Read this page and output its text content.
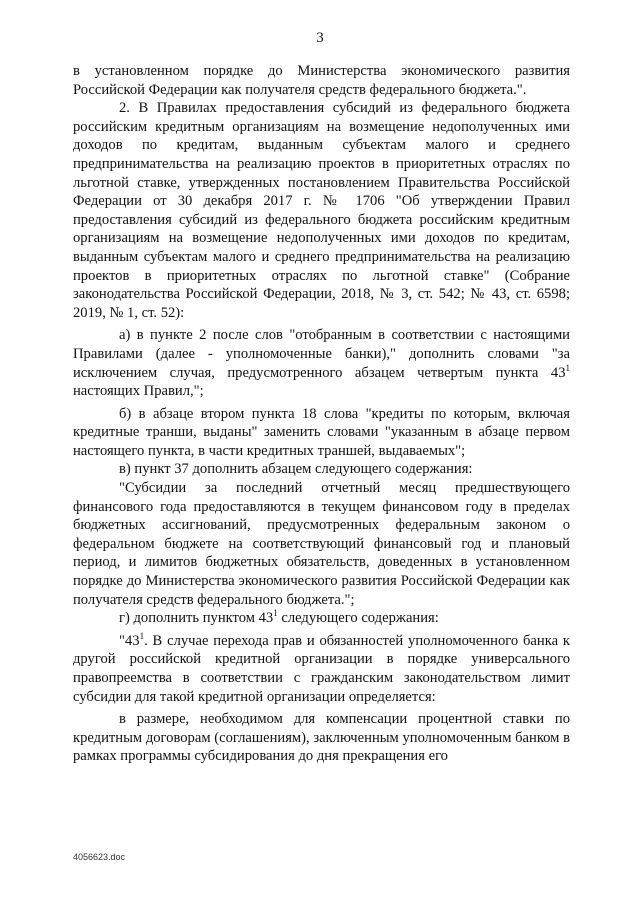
3

в установленном порядке до Министерства экономического развития Российской Федерации как получателя средств федерального бюджета.".

2. В Правилах предоставления субсидий из федерального бюджета российским кредитным организациям на возмещение недополученных ими доходов по кредитам, выданным субъектам малого и среднего предпринимательства на реализацию проектов в приоритетных отраслях по льготной ставке, утвержденных постановлением Правительства Российской Федерации от 30 декабря 2017 г. № 1706 "Об утверждении Правил предоставления субсидий из федерального бюджета российским кредитным организациям на возмещение недополученных ими доходов по кредитам, выданным субъектам малого и среднего предпринимательства на реализацию проектов в приоритетных отраслях по льготной ставке" (Собрание законодательства Российской Федерации, 2018, № 3, ст. 542; № 43, ст. 6598; 2019, № 1, ст. 52):

а) в пункте 2 после слов "отобранным в соответствии с настоящими Правилами (далее - уполномоченные банки)," дополнить словами "за исключением случая, предусмотренного абзацем четвертым пункта $43^1$ настоящих Правил,";

б) в абзаце втором пункта 18 слова "кредиты по которым, включая кредитные транши, выданы" заменить словами "указанным в абзаце первом настоящего пункта, в части кредитных траншей, выдаваемых";

в) пункт 37 дополнить абзацем следующего содержания:

"Субсидии за последний отчетный месяц предшествующего финансового года предоставляются в текущем финансовом году в пределах бюджетных ассигнований, предусмотренных федеральным законом о федеральном бюджете на соответствующий финансовый год и плановый период, и лимитов бюджетных обязательств, доведенных в установленном порядке до Министерства экономического развития Российской Федерации как получателя средств федерального бюджета.";

г) дополнить пунктом $43^1$ следующего содержания:

"$43^1$. В случае перехода прав и обязанностей уполномоченного банка к другой российской кредитной организации в порядке универсального правопреемства в соответствии с гражданским законодательством лимит субсидии для такой кредитной организации определяется:

в размере, необходимом для компенсации процентной ставки по кредитным договорам (соглашениям), заключенным уполномоченным банком в рамках программы субсидирования до дня прекращения его

4056623.doc
